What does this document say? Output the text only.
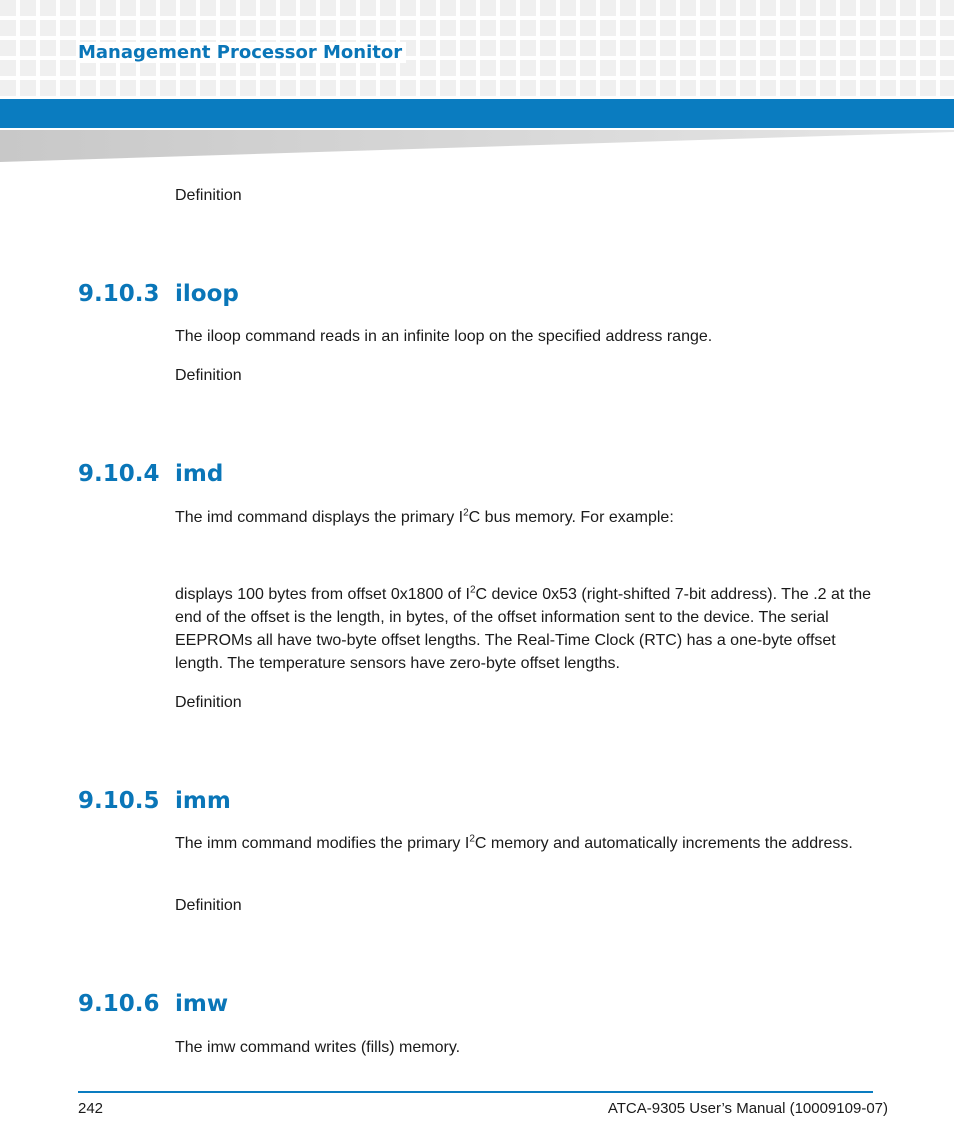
Management Processor Monitor

Definition

9.10.3 iloop

The iloop command reads in an infinite loop on the specified address range.

Definition

9.10.4 imd

The imd command displays the primary $I^2C$ bus memory. For example:

displays 100 bytes from offset 0x1800 of $I^2C$ device 0x53 (right-shifted 7-bit address). The .2 at the end of the offset is the length, in bytes, of the offset information sent to the device. The serial EEPROMs all have two-byte offset lengths. The Real-Time Clock (RTC) has a one-byte offset length. The temperature sensors have zero-byte offset lengths.

Definition

9.10.5 imm

The imm command modifies the primary $I^2C$ memory and automatically increments the address.

Definition

9.10.6 imw

The imw command writes (fills) memory.

242	ATCA-9305 User’s Manual (10009109-07)
